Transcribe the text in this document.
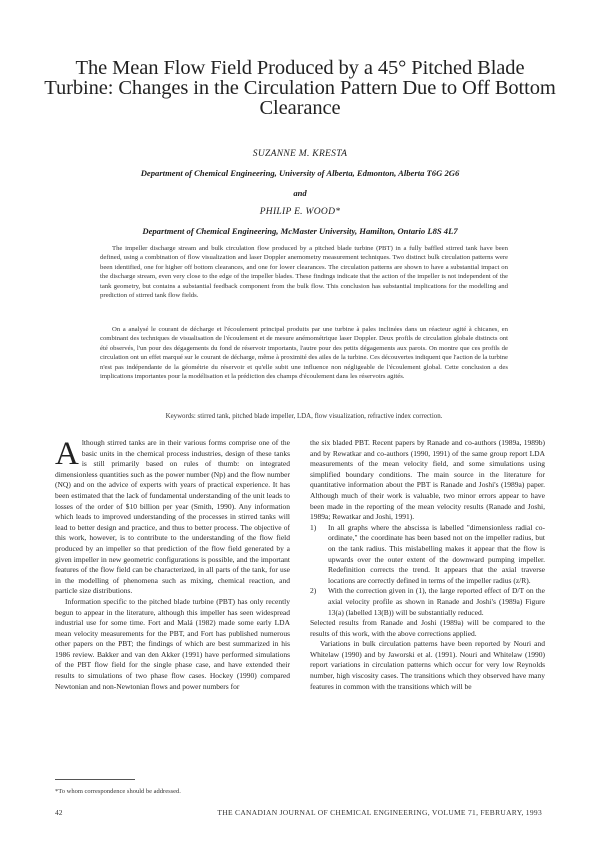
The Mean Flow Field Produced by a 45° Pitched Blade Turbine: Changes in the Circulation Pattern Due to Off Bottom Clearance
SUZANNE M. KRESTA
Department of Chemical Engineering, University of Alberta, Edmonton, Alberta T6G 2G6
and
PHILIP E. WOOD*
Department of Chemical Engineering, McMaster University, Hamilton, Ontario L8S 4L7
The impeller discharge stream and bulk circulation flow produced by a pitched blade turbine (PBT) in a fully baffled stirred tank have been defined, using a combination of flow visualization and laser Doppler anemometry measurement techniques. Two distinct bulk circulation patterns were been identified, one for higher off bottom clearances, and one for lower clearances. The circulation patterns are shown to have a substantial impact on the discharge stream, even very close to the edge of the impeller blades. These findings indicate that the action of the impeller is not independent of the tank geometry, but contains a substantial feedback component from the bulk flow. This conclusion has substantial implications for the modelling and prediction of stirred tank flow fields.
On a analysé le courant de décharge et l'écoulement principal produits par une turbine à pales inclinées dans un réacteur agité à chicanes, en combinant des techniques de visualisation de l'écoulement et de mesure anémométrique laser Doppler. Deux profils de circulation globale distincts ont été observés, l'un pour des dégagements du fond de réservoir importants, l'autre pour des petits dégagements aux parois. On montre que ces profils de circulation ont un effet marqué sur le courant de décharge, même à proximité des ailes de la turbine. Ces découvertes indiquent que l'action de la turbine n'est pas indépendante de la géométrie du réservoir et qu'elle subit une influence non négligeable de l'écoulement global. Cette conclusion a des implications importantes pour la modélisation et la prédiction des champs d'écoulement dans les réservoirs agités.
Keywords: stirred tank, pitched blade impeller, LDA, flow visualization, refractive index correction.

Although stirred tanks are in their various forms comprise one of the basic units in the chemical process industries, design of these tanks is still primarily based on rules of thumb: on integrated dimensionless quantities such as the power number (Np) and the flow number (NQ) and on the advice of experts with years of practical experience. It has been estimated that the lack of fundamental understanding of the unit leads to losses of the order of $10 billion per year (Smith, 1990). Any information which leads to improved understanding of the processes in stirred tanks will lead to better design and practice, and thus to better process. The objective of this work, however, is to contribute to the understanding of the flow field produced by an impeller so that prediction of the flow field generated by a given impeller in new geometric configurations is possible, and the important features of the flow field can be characterized, in all parts of the tank, for use in the modelling of phenomena such as mixing, chemical reaction, and particle size distributions.

Information specific to the pitched blade turbine (PBT) has only recently begun to appear in the literature, although this impeller has seen widespread industrial use for some time. Fort and Malá (1982) made some early LDA mean velocity measurements for the PBT, and Fort has published numerous other papers on the PBT; the findings of which are best summarized in his 1986 review. Bakker and van den Akker (1991) have performed simulations of the PBT flow field for the single phase case, and have extended their results to simulations of two phase flow cases. Hockey (1990) compared Newtonian and non-Newtonian flows and power numbers for

the six bladed PBT. Recent papers by Ranade and co-authors (1989a, 1989b) and by Rewatkar and co-authors (1990, 1991) of the same group report LDA measurements of the mean velocity field, and some simulations using simplified boundary conditions. The main source in the literature for quantitative information about the PBT is Ranade and Joshi's (1989a) paper. Although much of their work is valuable, two minor errors appear to have been made in the reporting of the mean velocity results (Ranade and Joshi, 1989a; Rewatkar and Joshi, 1991).

1) In all graphs where the abscissa is labelled "dimensionless radial co-ordinate," the coordinate has been based not on the impeller radius, but on the tank radius. This mislabelling makes it appear that the flow is upwards over the outer extent of the downward pumping impeller. Redefinition corrects the trend. It appears that the axial traverse locations are correctly defined in terms of the impeller radius (z/R).
2) With the correction given in (1), the large reported effect of D/T on the axial velocity profile as shown in Ranade and Joshi's (1989a) Figure 13(a) (labelled 13(B)) will be substantially reduced.

Selected results from Ranade and Joshi (1989a) will be compared to the results of this work, with the above corrections applied.

Variations in bulk circulation patterns have been reported by Nouri and Whitelaw (1990) and by Jaworski et al. (1991). Nouri and Whitelaw (1990) report variations in circulation patterns which occur for very low Reynolds number, high viscosity cases. The transitions which they observed have many features in common with the transitions which will be

*To whom correspondence should be addressed.
42	THE CANADIAN JOURNAL OF CHEMICAL ENGINEERING, VOLUME 71, FEBRUARY, 1993
